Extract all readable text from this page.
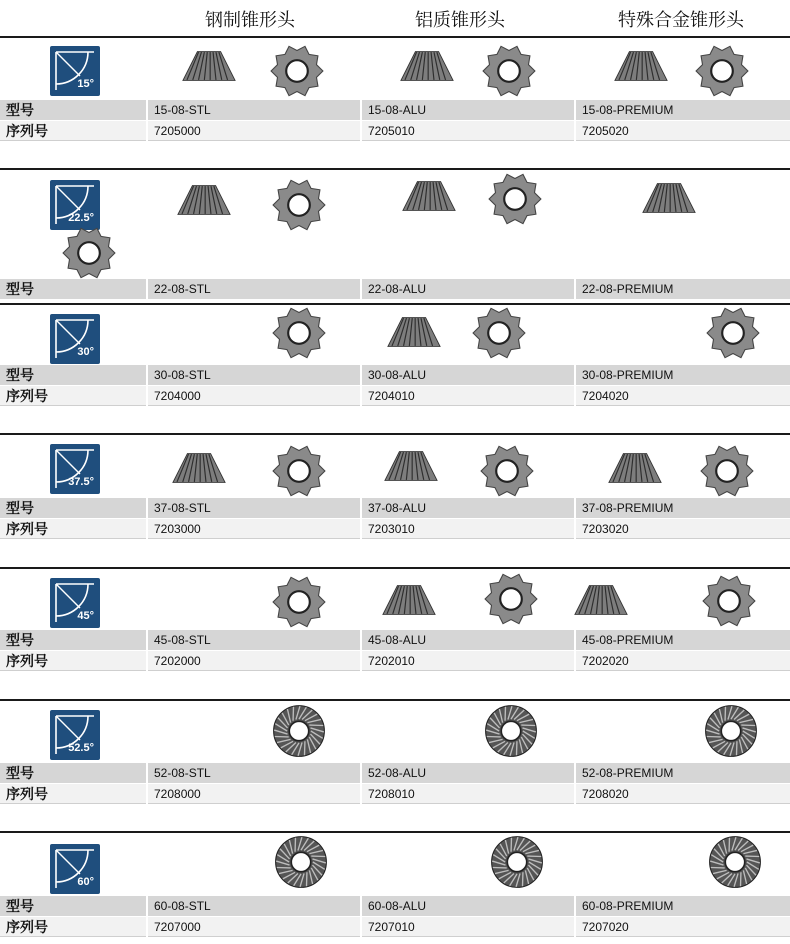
钢制锥形头	铝质锥形头	特殊合金锥形头
15°
型号	15-08-STL	15-08-ALU	15-08-PREMIUM
序列号	7205000	7205010	7205020
22.5°
型号	22-08-STL	22-08-ALU	22-08-PREMIUM
30°
型号	30-08-STL	30-08-ALU	30-08-PREMIUM
序列号	7204000	7204010	7204020
37.5°
型号	37-08-STL	37-08-ALU	37-08-PREMIUM
序列号	7203000	7203010	7203020
45°
型号	45-08-STL	45-08-ALU	45-08-PREMIUM
序列号	7202000	7202010	7202020
52.5°
型号	52-08-STL	52-08-ALU	52-08-PREMIUM
序列号	7208000	7208010	7208020
60°
型号	60-08-STL	60-08-ALU	60-08-PREMIUM
序列号	7207000	7207010	7207020
